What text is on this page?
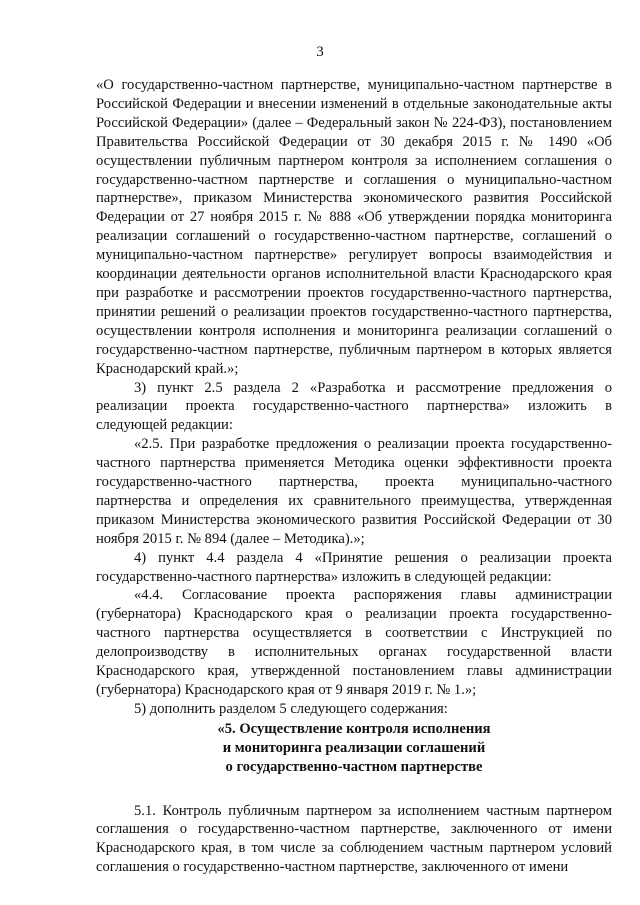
3

«О государственно-частном партнерстве, муниципально-частном партнерстве в Российской Федерации и внесении изменений в отдельные законодательные акты Российской Федерации» (далее – Федеральный закон № 224-ФЗ), постановлением Правительства Российской Федерации от 30 декабря 2015 г. № 1490 «Об осуществлении публичным партнером контроля за исполнением соглашения о государственно-частном партнерстве и соглашения о муниципально-частном партнерстве», приказом Министерства экономического развития Российской Федерации от 27 ноября 2015 г. № 888 «Об утверждении порядка мониторинга реализации соглашений о государственно-частном партнерстве, соглашений о муниципально-частном партнерстве» регулирует вопросы взаимодействия и координации деятельности органов исполнительной власти Краснодарского края при разработке и рассмотрении проектов государственно-частного партнерства, принятии решений о реализации проектов государственно-частного партнерства, осуществлении контроля исполнения и мониторинга реализации соглашений о государственно-частном партнерстве, публичным партнером в которых является Краснодарский край.»;

3) пункт 2.5 раздела 2 «Разработка и рассмотрение предложения о реализации проекта государственно-частного партнерства» изложить в следующей редакции:

«2.5. При разработке предложения о реализации проекта государственно-частного партнерства применяется Методика оценки эффективности проекта государственно-частного партнерства, проекта муниципально-частного партнерства и определения их сравнительного преимущества, утвержденная приказом Министерства экономического развития Российской Федерации от 30 ноября 2015 г. № 894 (далее – Методика).»;

4) пункт 4.4 раздела 4 «Принятие решения о реализации проекта государственно-частного партнерства» изложить в следующей редакции:

«4.4. Согласование проекта распоряжения главы администрации (губернатора) Краснодарского края о реализации проекта государственно-частного партнерства осуществляется в соответствии с Инструкцией по делопроизводству в исполнительных органах государственной власти Краснодарского края, утвержденной постановлением главы администрации (губернатора) Краснодарского края от 9 января 2019 г. № 1.»;

5) дополнить разделом 5 следующего содержания:

«5. Осуществление контроля исполнения
и мониторинга реализации соглашений
о государственно-частном партнерстве

5.1. Контроль публичным партнером за исполнением частным партнером соглашения о государственно-частном партнерстве, заключенного от имени Краснодарского края, в том числе за соблюдением частным партнером условий соглашения о государственно-частном партнерстве, заключенного от имени
